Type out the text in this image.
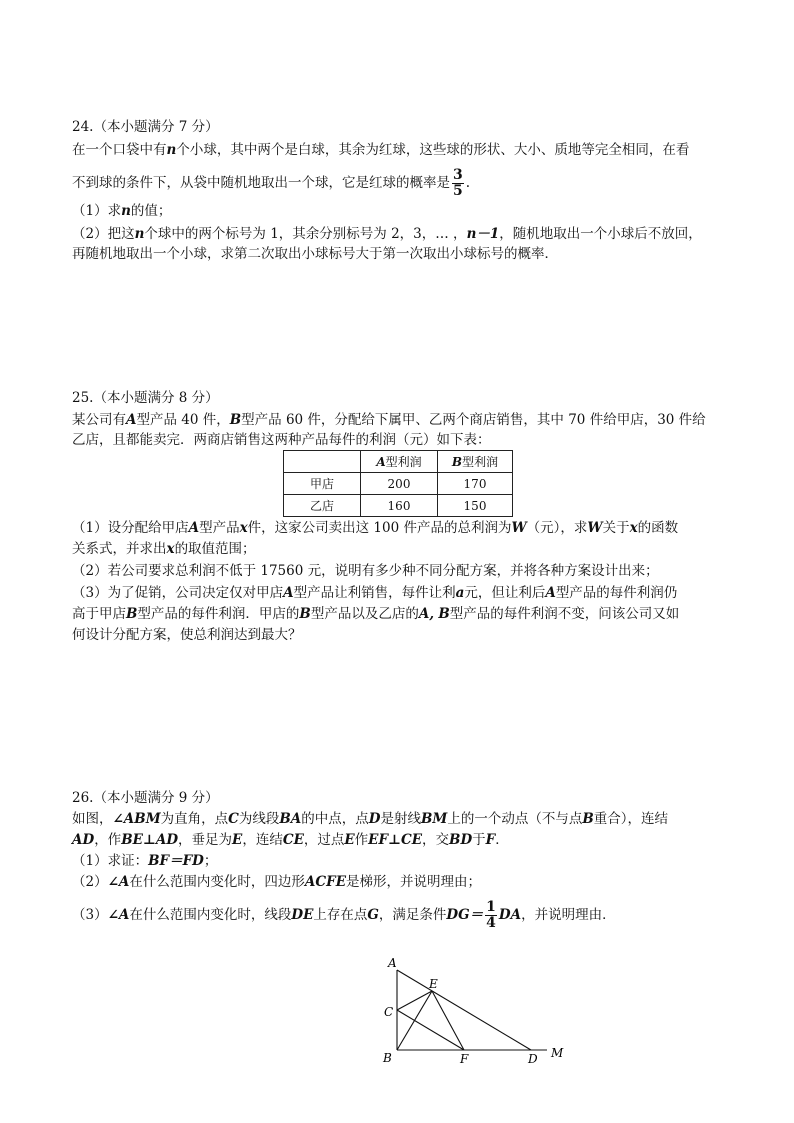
24.（本小题满分 7 分）
在一个口袋中有n个小球，其中两个是白球，其余为红球，这些球的形状、大小、质地等完全相同，在看
不到球的条件下，从袋中随机地取出一个球，它是红球的概率是 $\frac{3}{5}$ .
（1）求n的值；
（2）把这n个球中的两个标号为 1，其余分别标号为 2，3，… ，n－1，随机地取出一个小球后不放回，
再随机地取出一个小球，求第二次取出小球标号大于第一次取出小球标号的概率．
25.（本小题满分 8 分）
某公司有A型产品 40 件，B型产品 60 件，分配给下属甲、乙两个商店销售，其中 70 件给甲店，30 件给
乙店，且都能卖完．两商店销售这两种产品每件的利润（元）如下表：
	A型利润	B型利润
甲店	200	170
乙店	160	150
（1）设分配给甲店A型产品x件，这家公司卖出这 100 件产品的总利润为W（元），求W关于x的函数
关系式，并求出x的取值范围；
（2）若公司要求总利润不低于 17560 元，说明有多少种不同分配方案，并将各种方案设计出来；
（3）为了促销，公司决定仅对甲店A型产品让利销售，每件让利a元，但让利后A型产品的每件利润仍
高于甲店B型产品的每件利润．甲店的B型产品以及乙店的A, B型产品的每件利润不变，问该公司又如
何设计分配方案，使总利润达到最大？
26.（本小题满分 9 分）
如图，∠ABM为直角，点C为线段BA的中点，点D是射线BM上的一个动点（不与点B重合），连结
AD，作BE⊥AD，垂足为E，连结CE，过点E作EF⊥CE，交BD于F．
（1）求证：BF＝FD；
（2）∠A在什么范围内变化时，四边形ACFE是梯形，并说明理由；
（3）∠A在什么范围内变化时，线段DE上存在点G，满足条件$DG= \frac{1}{4}$ DA，并说明理由．
A
E
C
B	F	D M
